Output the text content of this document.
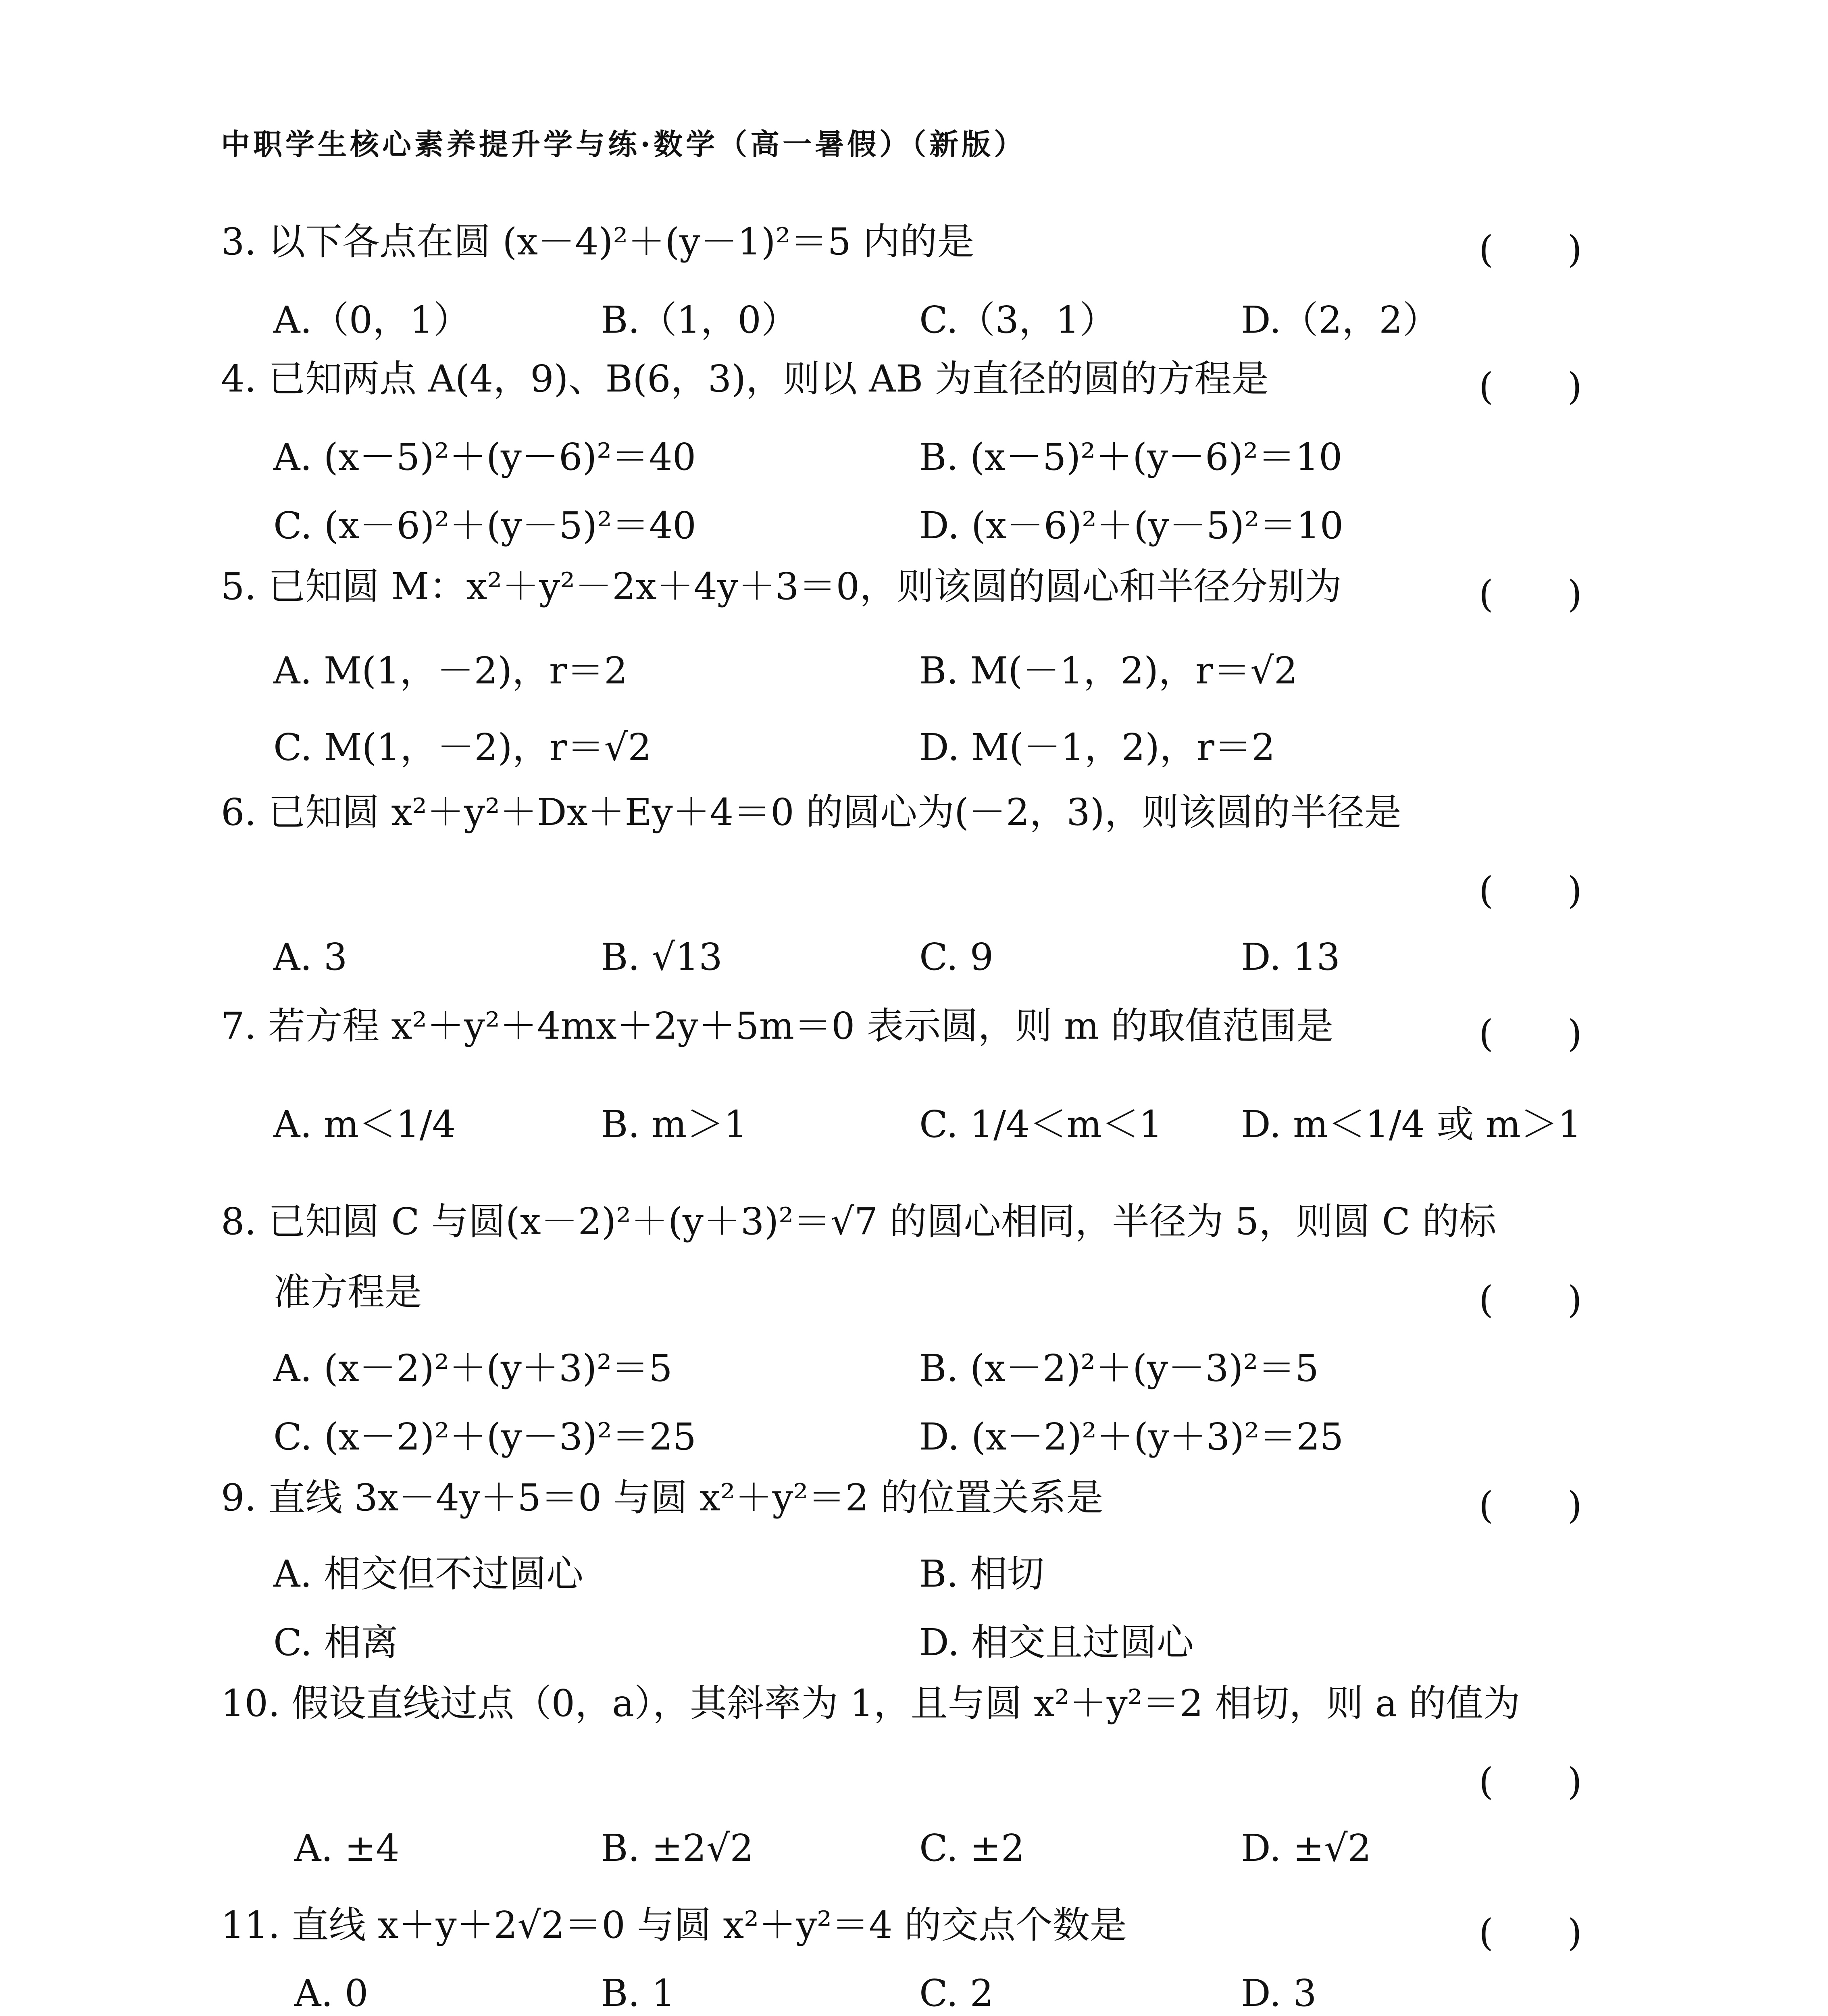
中职学生核心素养提升学与练·数学（高一暑假）（新版）
3. 以下各点在圆 (x－4)²＋(y－1)²＝5 内的是	(　　)
A.（0，1）	B.（1，0）	C.（3，1）	D.（2，2）
4. 已知两点 A(4，9)、B(6，3)，则以 AB 为直径的圆的方程是	(　　)
A. (x－5)²＋(y－6)²＝40	B. (x－5)²＋(y－6)²＝10
C. (x－6)²＋(y－5)²＝40	D. (x－6)²＋(y－5)²＝10
5. 已知圆 M：x²＋y²－2x＋4y＋3＝0，则该圆的圆心和半径分别为	(　　)
A. M(1，－2)，r＝2	B. M(－1，2)，r＝√2
C. M(1，－2)，r＝√2	D. M(－1，2)，r＝2
6. 已知圆 x²＋y²＋Dx＋Ey＋4＝0 的圆心为(－2，3)，则该圆的半径是
(　　)
A. 3	B. √13	C. 9	D. 13
7. 若方程 x²＋y²＋4mx＋2y＋5m＝0 表示圆，则 m 的取值范围是	(　　)
A. m＜1/4	B. m＞1	C. 1/4＜m＜1 D. m＜1/4 或 m＞1
8. 已知圆 C 与圆(x－2)²＋(y＋3)²＝√7 的圆心相同，半径为 5，则圆 C 的标
准方程是	(　　)
A. (x－2)²＋(y＋3)²＝5	B. (x－2)²＋(y－3)²＝5
C. (x－2)²＋(y－3)²＝25	D. (x－2)²＋(y＋3)²＝25
9. 直线 3x－4y＋5＝0 与圆 x²＋y²＝2 的位置关系是	(　　)
A. 相交但不过圆心	B. 相切
C. 相离	D. 相交且过圆心
10. 假设直线过点（0，a），其斜率为 1，且与圆 x²＋y²＝2 相切，则 a 的值为
(　　)
A. ±4	B. ±2√2	C. ±2	D. ±√2
11. 直线 x＋y＋2√2＝0 与圆 x²＋y²＝4 的交点个数是	(　　)
A. 0	B. 1	C. 2	D. 3
